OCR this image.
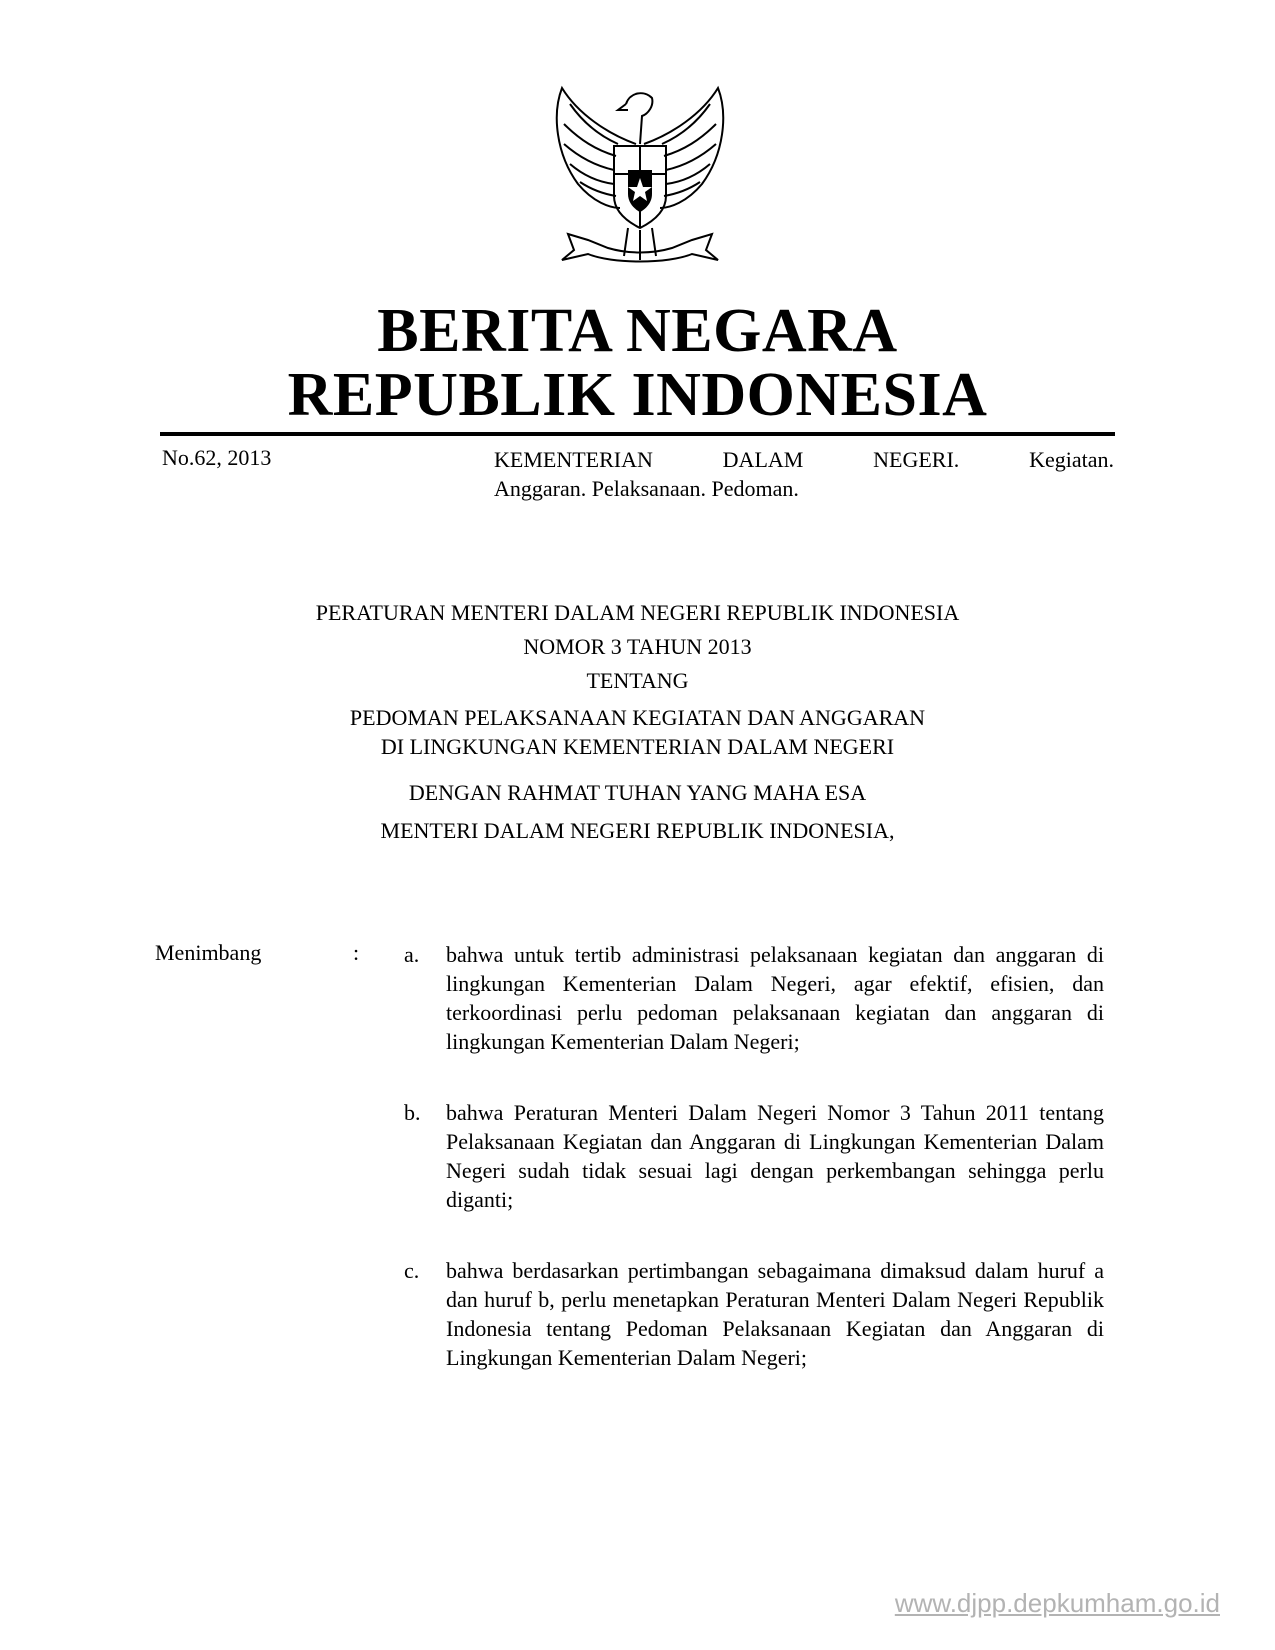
BERITA NEGARA
REPUBLIK INDONESIA
No.62, 2013	KEMENTERIAN	DALAM	NEGERI.	Kegiatan.
Anggaran. Pelaksanaan. Pedoman.
PERATURAN MENTERI DALAM NEGERI REPUBLIK INDONESIA
NOMOR 3 TAHUN 2013
TENTANG
PEDOMAN PELAKSANAAN KEGIATAN DAN ANGGARAN
DI LINGKUNGAN KEMENTERIAN DALAM NEGERI
DENGAN RAHMAT TUHAN YANG MAHA ESA
MENTERI DALAM NEGERI REPUBLIK INDONESIA,
Menimbang	: a. bahwa untuk tertib administrasi pelaksanaan kegiatan dan anggaran di lingkungan Kementerian Dalam Negeri, agar efektif, efisien, dan terkoordinasi perlu pedoman pelaksanaan kegiatan dan anggaran di lingkungan Kementerian Dalam Negeri;
b. bahwa Peraturan Menteri Dalam Negeri Nomor 3 Tahun 2011 tentang Pelaksanaan Kegiatan dan Anggaran di Lingkungan Kementerian Dalam Negeri sudah tidak sesuai lagi dengan perkembangan sehingga perlu diganti;
c. bahwa berdasarkan pertimbangan sebagaimana dimaksud dalam huruf a dan huruf b, perlu menetapkan Peraturan Menteri Dalam Negeri Republik Indonesia tentang Pedoman Pelaksanaan Kegiatan dan Anggaran di Lingkungan Kementerian Dalam Negeri;
www.djpp.depkumham.go.id
